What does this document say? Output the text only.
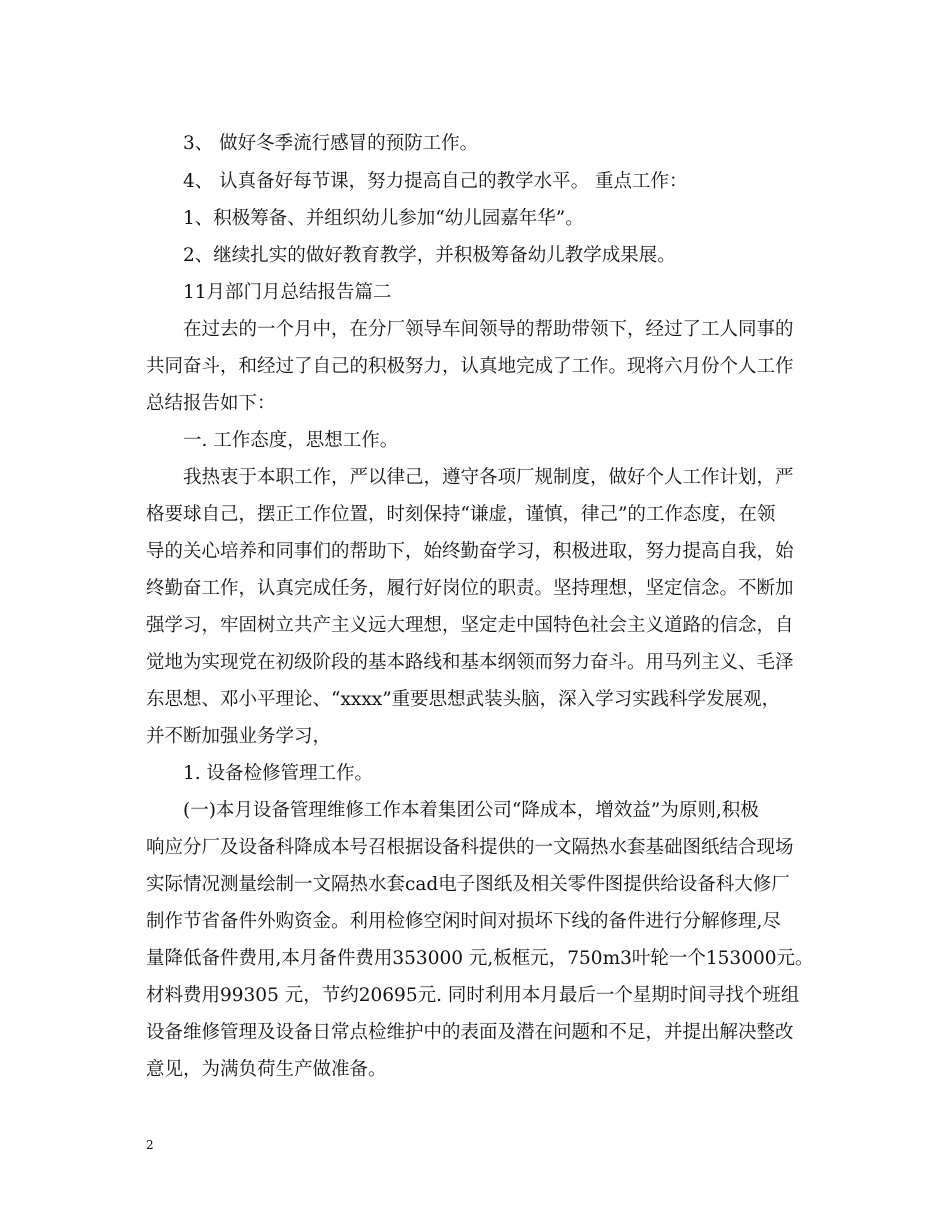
3、 做好冬季流行感冒的预防工作。
4、 认真备好每节课，努力提高自己的教学水平。 重点工作：
1、积极筹备、并组织幼儿参加“幼儿园嘉年华”。
2、继续扎实的做好教育教学，并积极筹备幼儿教学成果展。
11月部门月总结报告篇二
在过去的一个月中，在分厂领导车间领导的帮助带领下，经过了工人同事的
共同奋斗，和经过了自己的积极努力，认真地完成了工作。现将六月份个人工作
总结报告如下：
一. 工作态度，思想工作。
我热衷于本职工作，严以律己，遵守各项厂规制度，做好个人工作计划，严
格要球自己，摆正工作位置，时刻保持“谦虚，谨慎，律己”的工作态度，在领
导的关心培养和同事们的帮助下，始终勤奋学习，积极进取，努力提高自我，始
终勤奋工作，认真完成任务，履行好岗位的职责。坚持理想，坚定信念。不断加
强学习，牢固树立共产主义远大理想，坚定走中国特色社会主义道路的信念，自
觉地为实现党在初级阶段的基本路线和基本纲领而努力奋斗。用马列主义、毛泽
东思想、邓小平理论、“xxxx”重要思想武装头脑，深入学习实践科学发展观，
并不断加强业务学习，
1. 设备检修管理工作。
(一)本月设备管理维修工作本着集团公司“降成本，增效益”为原则,积极
响应分厂及设备科降成本号召根据设备科提供的一文隔热水套基础图纸结合现场
实际情况测量绘制一文隔热水套cad电子图纸及相关零件图提供给设备科大修厂
制作节省备件外购资金。利用检修空闲时间对损坏下线的备件进行分解修理,尽
量降低备件费用,本月备件费用353000 元,板框元，750m3叶轮一个153000元。
材料费用99305 元，节约20695元. 同时利用本月最后一个星期时间寻找个班组
设备维修管理及设备日常点检维护中的表面及潜在问题和不足，并提出解决整改
意见，为满负荷生产做准备。
2
